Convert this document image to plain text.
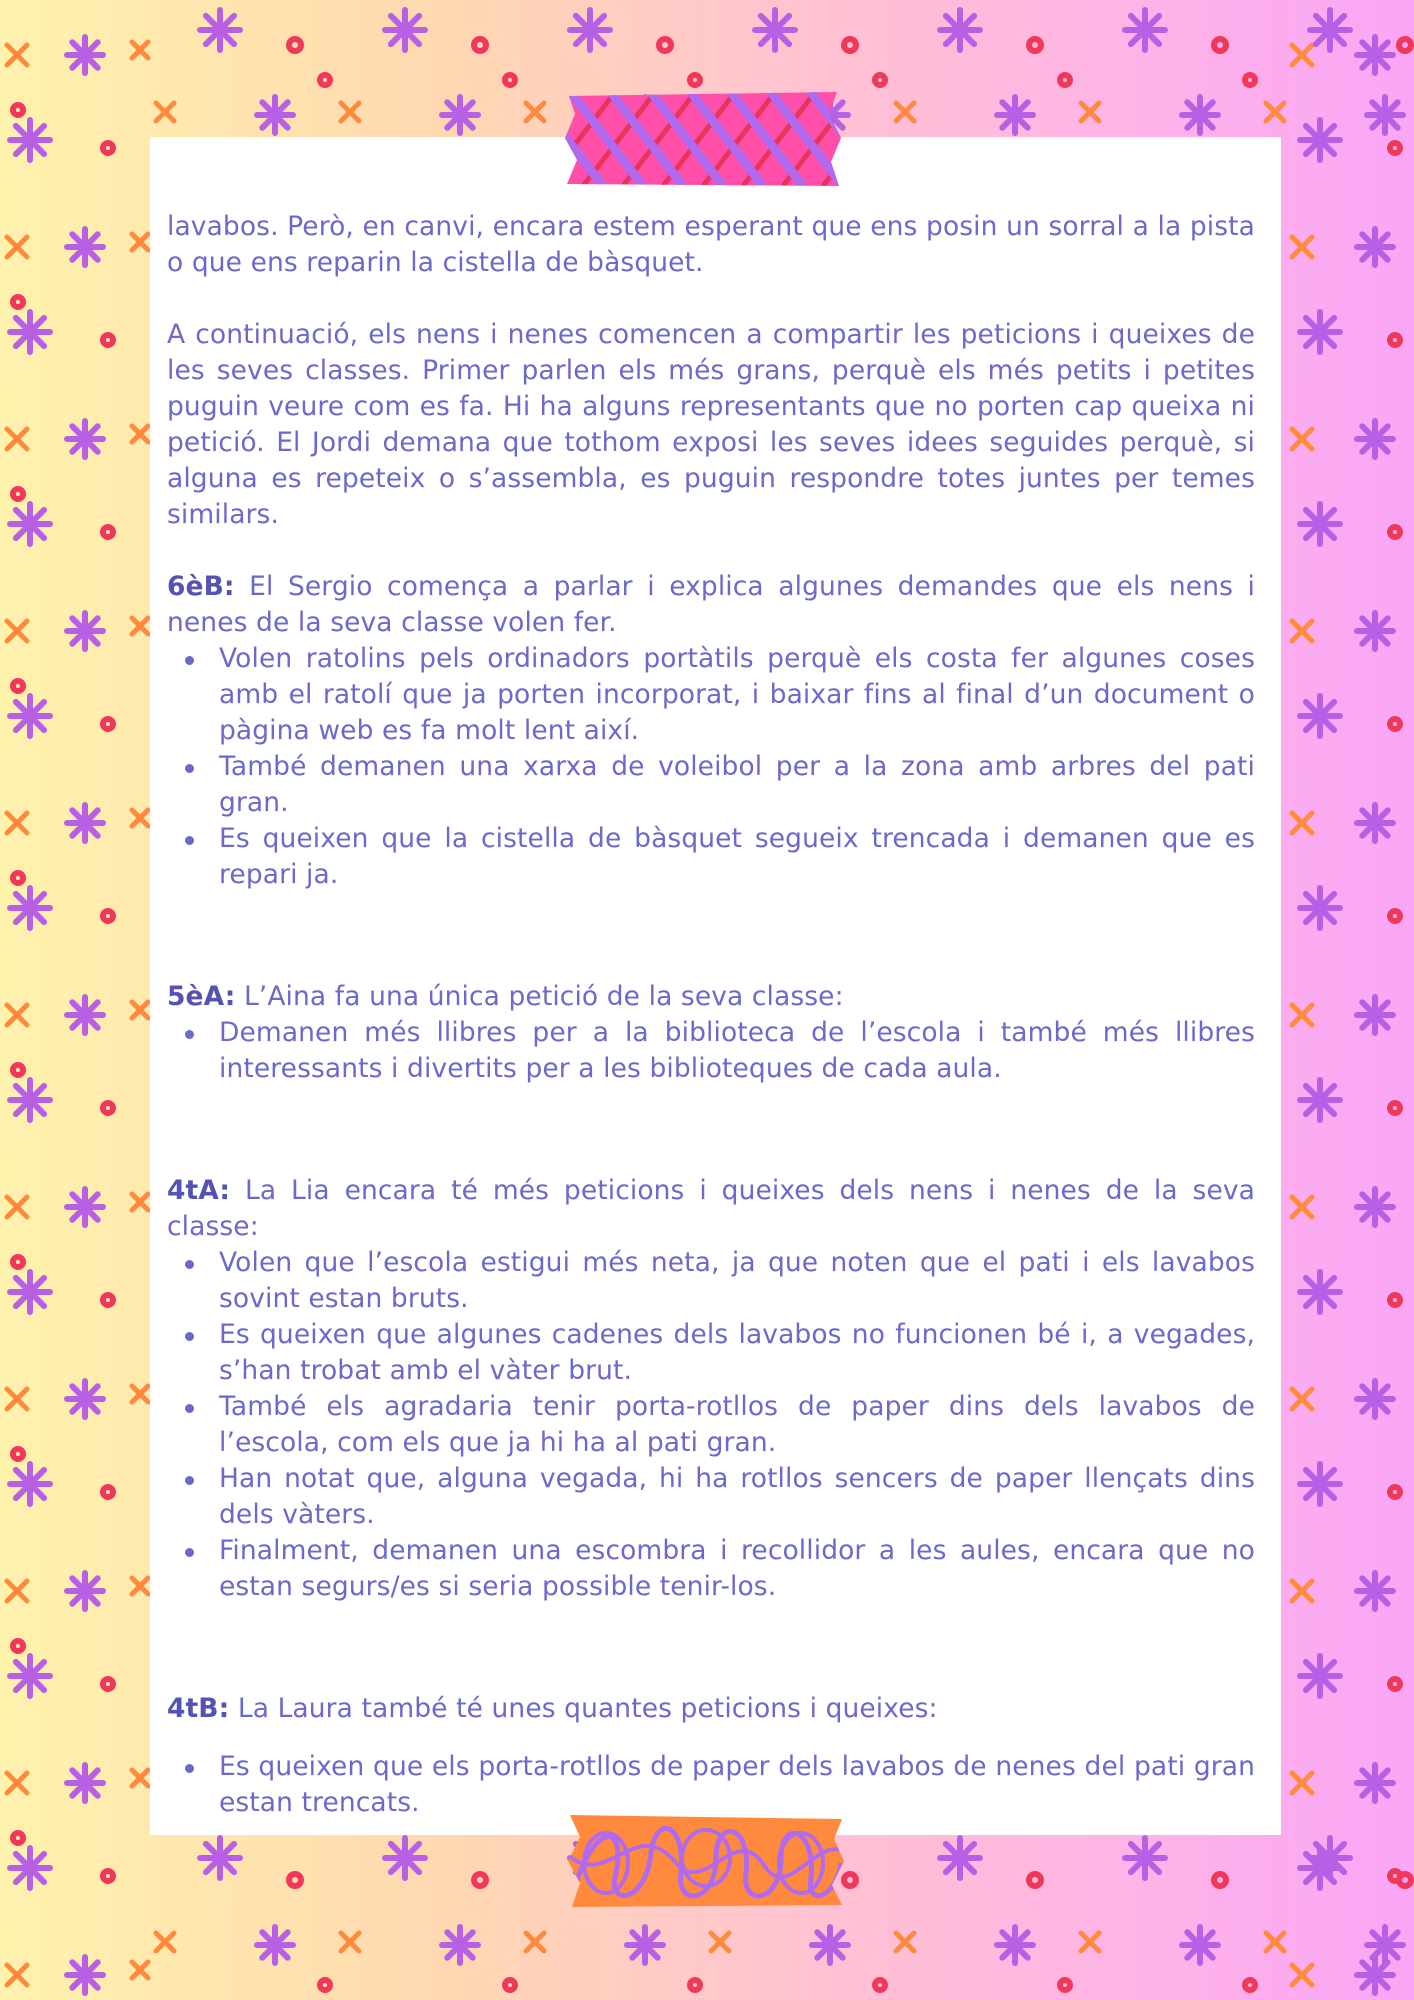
lavabos. Però, en canvi, encara estem esperant que ens posin un sorral a la pista o que ens reparin la cistella de bàsquet.

A continuació, els nens i nenes comencen a compartir les peticions i queixes de les seves classes. Primer parlen els més grans, perquè els més petits i petites puguin veure com es fa. Hi ha alguns representants que no porten cap queixa ni petició. El Jordi demana que tothom exposi les seves idees seguides perquè, si alguna es repeteix o s’assembla, es puguin respondre totes juntes per temes similars.

6èB: El Sergio comença a parlar i explica algunes demandes que els nens i nenes de la seva classe volen fer.

Volen ratolins pels ordinadors portàtils perquè els costa fer algunes coses amb el ratolí que ja porten incorporat, i baixar fins al final d’un document o pàgina web es fa molt lent així.
També demanen una xarxa de voleibol per a la zona amb arbres del pati gran.
Es queixen que la cistella de bàsquet segueix trencada i demanen que es repari ja.

5èA: L’Aina fa una única petició de la seva classe:

Demanen més llibres per a la biblioteca de l’escola i també més llibres interessants i divertits per a les biblioteques de cada aula.

4tA: La Lia encara té més peticions i queixes dels nens i nenes de la seva classe:

Volen que l’escola estigui més neta, ja que noten que el pati i els lavabos sovint estan bruts.
Es queixen que algunes cadenes dels lavabos no funcionen bé i, a vegades, s’han trobat amb el vàter brut.
També els agradaria tenir porta-rotllos de paper dins dels lavabos de l’escola, com els que ja hi ha al pati gran.
Han notat que, alguna vegada, hi ha rotllos sencers de paper llençats dins dels vàters.
Finalment, demanen una escombra i recollidor a les aules, encara que no estan segurs/es si seria possible tenir-los.

4tB: La Laura també té unes quantes peticions i queixes:

Es queixen que els porta-rotllos de paper dels lavabos de nenes del pati gran estan trencats.
